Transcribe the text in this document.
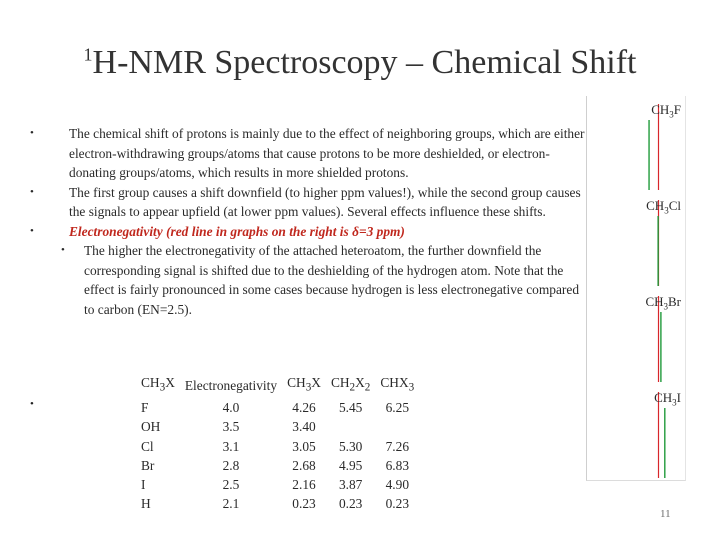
$^1$H-NMR Spectroscopy – Chemical Shift

•	The chemical shift of protons is mainly due to the effect of neighboring groups, which are either electron-withdrawing groups/atoms that cause protons to be more deshielded, or electron-donating groups/atoms, which results in more shielded protons.

•	The first group causes a shift downfield (to higher ppm values!), while the second group causes the signals to appear upfield (at lower ppm values). Several effects influence these shifts.

•	Electronegativity (red line in graphs on the right is δ=3 ppm)

• The higher the electronegativity of the attached heteroatom, the further downfield the corresponding signal is shifted due to the deshielding of the hydrogen atom. Note that the effect is fairly pronounced in some cases because hydrogen is less electronegative compared to carbon (EN=2.5).

•
$CH_3X$	Electronegativity	$CH_3X$	$CH_2X_2$	$CHX_3$
F	4.0	4.26	5.45	6.25
OH	3.5	3.40		
Cl	3.1	3.05	5.30	7.26
Br	2.8	2.68	4.95	6.83
I	2.5	2.16	3.87	4.90
H	2.1	0.23	0.23	0.23
$CH_3F$
$CH_3Cl$
$CH_3Br$
$CH_3I$
11
